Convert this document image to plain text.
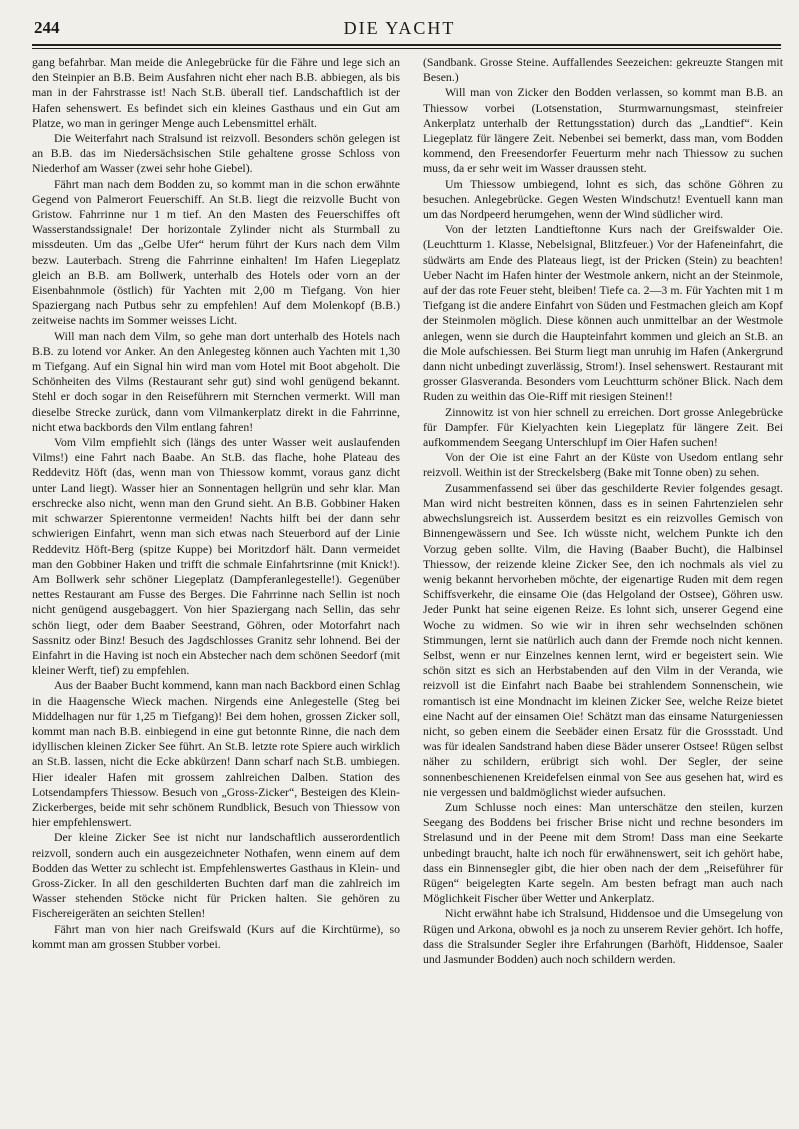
244	DIE YACHT

gang befahrbar. Man meide die Anlegebrücke für die Fähre und lege sich an den Steinpier an B.B. Beim Ausfahren nicht eher nach B.B. abbiegen, als bis man in der Fahrstrasse ist! Nach St.B. überall tief. Landschaftlich ist der Hafen sehenswert. Es befindet sich ein kleines Gasthaus und ein Gut am Platze, wo man in geringer Menge auch Lebensmittel erhält.

Die Weiterfahrt nach Stralsund ist reizvoll. Besonders schön gelegen ist an B.B. das im Niedersächsischen Stile gehaltene grosse Schloss von Niederhof am Wasser (zwei sehr hohe Giebel).

Fährt man nach dem Bodden zu, so kommt man in die schon erwähnte Gegend von Palmerort Feuerschiff. An St.B. liegt die reizvolle Bucht von Gristow. Fahrrinne nur 1 m tief. An den Masten des Feuerschiffes oft Wasserstandssignale! Der horizontale Zylinder nicht als Sturmball zu missdeuten. Um das „Gelbe Ufer“ herum führt der Kurs nach dem Vilm bezw. Lauterbach. Streng die Fahrrinne einhalten! Im Hafen Liegeplatz gleich an B.B. am Bollwerk, unterhalb des Hotels oder vorn an der Eisenbahnmole (östlich) für Yachten mit 2,00 m Tiefgang. Von hier Spaziergang nach Putbus sehr zu empfehlen! Auf dem Molenkopf (B.B.) zeitweise nachts im Sommer weisses Licht.

Will man nach dem Vilm, so gehe man dort unterhalb des Hotels nach B.B. zu lotend vor Anker. An den Anlegesteg können auch Yachten mit 1,30 m Tiefgang. Auf ein Signal hin wird man vom Hotel mit Boot abgeholt. Die Schönheiten des Vilms (Restaurant sehr gut) sind wohl genügend bekannt. Stehl er doch sogar in den Reiseführern mit Sternchen vermerkt. Will man dieselbe Strecke zurück, dann vom Vilmankerplatz direkt in die Fahrrinne, nicht etwa backbords den Vilm entlang fahren!

Vom Vilm empfiehlt sich (längs des unter Wasser weit auslaufenden Vilms!) eine Fahrt nach Baabe. An St.B. das flache, hohe Plateau des Reddevitz Höft (das, wenn man von Thiessow kommt, voraus ganz dicht unter Land liegt). Wasser hier an Sonnentagen hellgrün und sehr klar. Man erschrecke also nicht, wenn man den Grund sieht. An B.B. Gobbiner Haken mit schwarzer Spierentonne vermeiden! Nachts hilft bei der dann sehr schwierigen Einfahrt, wenn man sich etwas nach Steuerbord auf der Linie Reddevitz Höft-Berg (spitze Kuppe) bei Moritzdorf hält. Dann vermeidet man den Gobbiner Haken und trifft die schmale Einfahrtsrinne (mit Knick!). Am Bollwerk sehr schöner Liegeplatz (Dampferanlegestelle!). Gegenüber nettes Restaurant am Fusse des Berges. Die Fahrrinne nach Sellin ist noch nicht genügend ausgebaggert. Von hier Spaziergang nach Sellin, das sehr schön liegt, oder dem Baaber Seestrand, Göhren, oder Motorfahrt nach Sassnitz oder Binz! Besuch des Jagdschlosses Granitz sehr lohnend. Bei der Einfahrt in die Having ist noch ein Abstecher nach dem schönen Seedorf (mit kleiner Werft, tief) zu empfehlen.

Aus der Baaber Bucht kommend, kann man nach Backbord einen Schlag in die Haagensche Wieck machen. Nirgends eine Anlegestelle (Steg bei Middelhagen nur für 1,25 m Tiefgang)! Bei dem hohen, grossen Zicker soll, kommt man nach B.B. einbiegend in eine gut betonnte Rinne, die nach dem idyllischen kleinen Zicker See führt. An St.B. letzte rote Spiere auch wirklich an St.B. lassen, nicht die Ecke abkürzen! Dann scharf nach St.B. umbiegen. Hier idealer Hafen mit grossem zahlreichen Dalben. Station des Lotsendampfers Thiessow. Besuch von „Gross-Zicker“, Besteigen des Klein-Zickerberges, beide mit sehr schönem Rundblick, Besuch von Thiessow von hier empfehlenswert.

Der kleine Zicker See ist nicht nur landschaftlich ausserordentlich reizvoll, sondern auch ein ausgezeichneter Nothafen, wenn einem auf dem Bodden das Wetter zu schlecht ist. Empfehlenswertes Gasthaus in Klein- und Gross-Zicker. In all den geschilderten Buchten darf man die zahlreich im Wasser stehenden Stöcke nicht für Pricken halten. Sie gehören zu Fischereigeräten an seichten Stellen!

Fährt man von hier nach Greifswald (Kurs auf die Kirchtürme), so kommt man am grossen Stubber vorbei.

(Sandbank. Grosse Steine. Auffallendes Seezeichen: gekreuzte Stangen mit Besen.)

Will man von Zicker den Bodden verlassen, so kommt man B.B. an Thiessow vorbei (Lotsenstation, Sturmwarnungsmast, steinfreier Ankerplatz unterhalb der Rettungsstation) durch das „Landtief“. Kein Liegeplatz für längere Zeit. Nebenbei sei bemerkt, dass man, vom Bodden kommend, den Freesendorfer Feuerturm mehr nach Thiessow zu suchen muss, da er sehr weit im Wasser draussen steht.

Um Thiessow umbiegend, lohnt es sich, das schöne Göhren zu besuchen. Anlegebrücke. Gegen Westen Windschutz! Eventuell kann man um das Nordpeerd herumgehen, wenn der Wind südlicher wird.

Von der letzten Landtieftonne Kurs nach der Greifswalder Oie. (Leuchtturm 1. Klasse, Nebelsignal, Blitzfeuer.) Vor der Hafeneinfahrt, die südwärts am Ende des Plateaus liegt, ist der Pricken (Stein) zu beachten! Ueber Nacht im Hafen hinter der Westmole ankern, nicht an der Steinmole, auf der das rote Feuer steht, bleiben! Tiefe ca. 2—3 m. Für Yachten mit 1 m Tiefgang ist die andere Einfahrt von Süden und Festmachen gleich am Kopf der Steinmolen möglich. Diese können auch unmittelbar an der Westmole anlegen, wenn sie durch die Haupteinfahrt kommen und gleich an St.B. an die Mole aufschiessen. Bei Sturm liegt man unruhig im Hafen (Ankergrund dann nicht unbedingt zuverlässig, Strom!). Insel sehenswert. Restaurant mit grosser Glasveranda. Besonders vom Leuchtturm schöner Blick. Nach dem Ruden zu weithin das Oie-Riff mit riesigen Steinen!!

Zinnowitz ist von hier schnell zu erreichen. Dort grosse Anlegebrücke für Dampfer. Für Kielyachten kein Liegeplatz für längere Zeit. Bei aufkommendem Seegang Unterschlupf im Oier Hafen suchen!

Von der Oie ist eine Fahrt an der Küste von Usedom entlang sehr reizvoll. Weithin ist der Streckelsberg (Bake mit Tonne oben) zu sehen.

Zusammenfassend sei über das geschilderte Revier folgendes gesagt. Man wird nicht bestreiten können, dass es in seinen Fahrtenzielen sehr abwechslungsreich ist. Ausserdem besitzt es ein reizvolles Gemisch von Binnengewässern und See. Ich wüsste nicht, welchem Punkte ich den Vorzug geben sollte. Vilm, die Having (Baaber Bucht), die Halbinsel Thiessow, der reizende kleine Zicker See, den ich nochmals als viel zu wenig bekannt hervorheben möchte, der eigenartige Ruden mit dem regen Schiffsverkehr, die einsame Oie (das Helgoland der Ostsee), Göhren usw. Jeder Punkt hat seine eigenen Reize. Es lohnt sich, unserer Gegend eine Woche zu widmen. So wie wir in ihren sehr wechselnden schönen Stimmungen, lernt sie natürlich auch dann der Fremde noch nicht kennen. Selbst, wenn er nur Einzelnes kennen lernt, wird er begeistert sein. Wie schön sitzt es sich an Herbstabenden auf den Vilm in der Veranda, wie reizvoll ist die Einfahrt nach Baabe bei strahlendem Sonnenschein, wie romantisch ist eine Mondnacht im kleinen Zicker See, welche Reize bietet eine Nacht auf der einsamen Oie! Schätzt man das einsame Naturgeniessen nicht, so geben einem die Seebäder einen Ersatz für die Grossstadt. Und was für idealen Sandstrand haben diese Bäder unserer Ostsee! Rügen selbst näher zu schildern, erübrigt sich wohl. Der Segler, der seine sonnenbeschienenen Kreidefelsen einmal von See aus gesehen hat, wird es nie vergessen und baldmöglichst wieder aufsuchen.

Zum Schlusse noch eines: Man unterschätze den steilen, kurzen Seegang des Boddens bei frischer Brise nicht und rechne besonders im Strelasund und in der Peene mit dem Strom! Dass man eine Seekarte unbedingt braucht, halte ich noch für erwähnenswert, seit ich gehört habe, dass ein Binnensegler gibt, die hier oben nach der dem „Reiseführer für Rügen“ beigelegten Karte segeln. Am besten befragt man auch nach Möglichkeit Fischer über Wetter und Ankerplatz.

Nicht erwähnt habe ich Stralsund, Hiddensoe und die Umsegelung von Rügen und Arkona, obwohl es ja noch zu unserem Revier gehört. Ich hoffe, dass die Stralsunder Segler ihre Erfahrungen (Barhöft, Hiddensoe, Saaler und Jasmunder Bodden) auch noch schildern werden.
